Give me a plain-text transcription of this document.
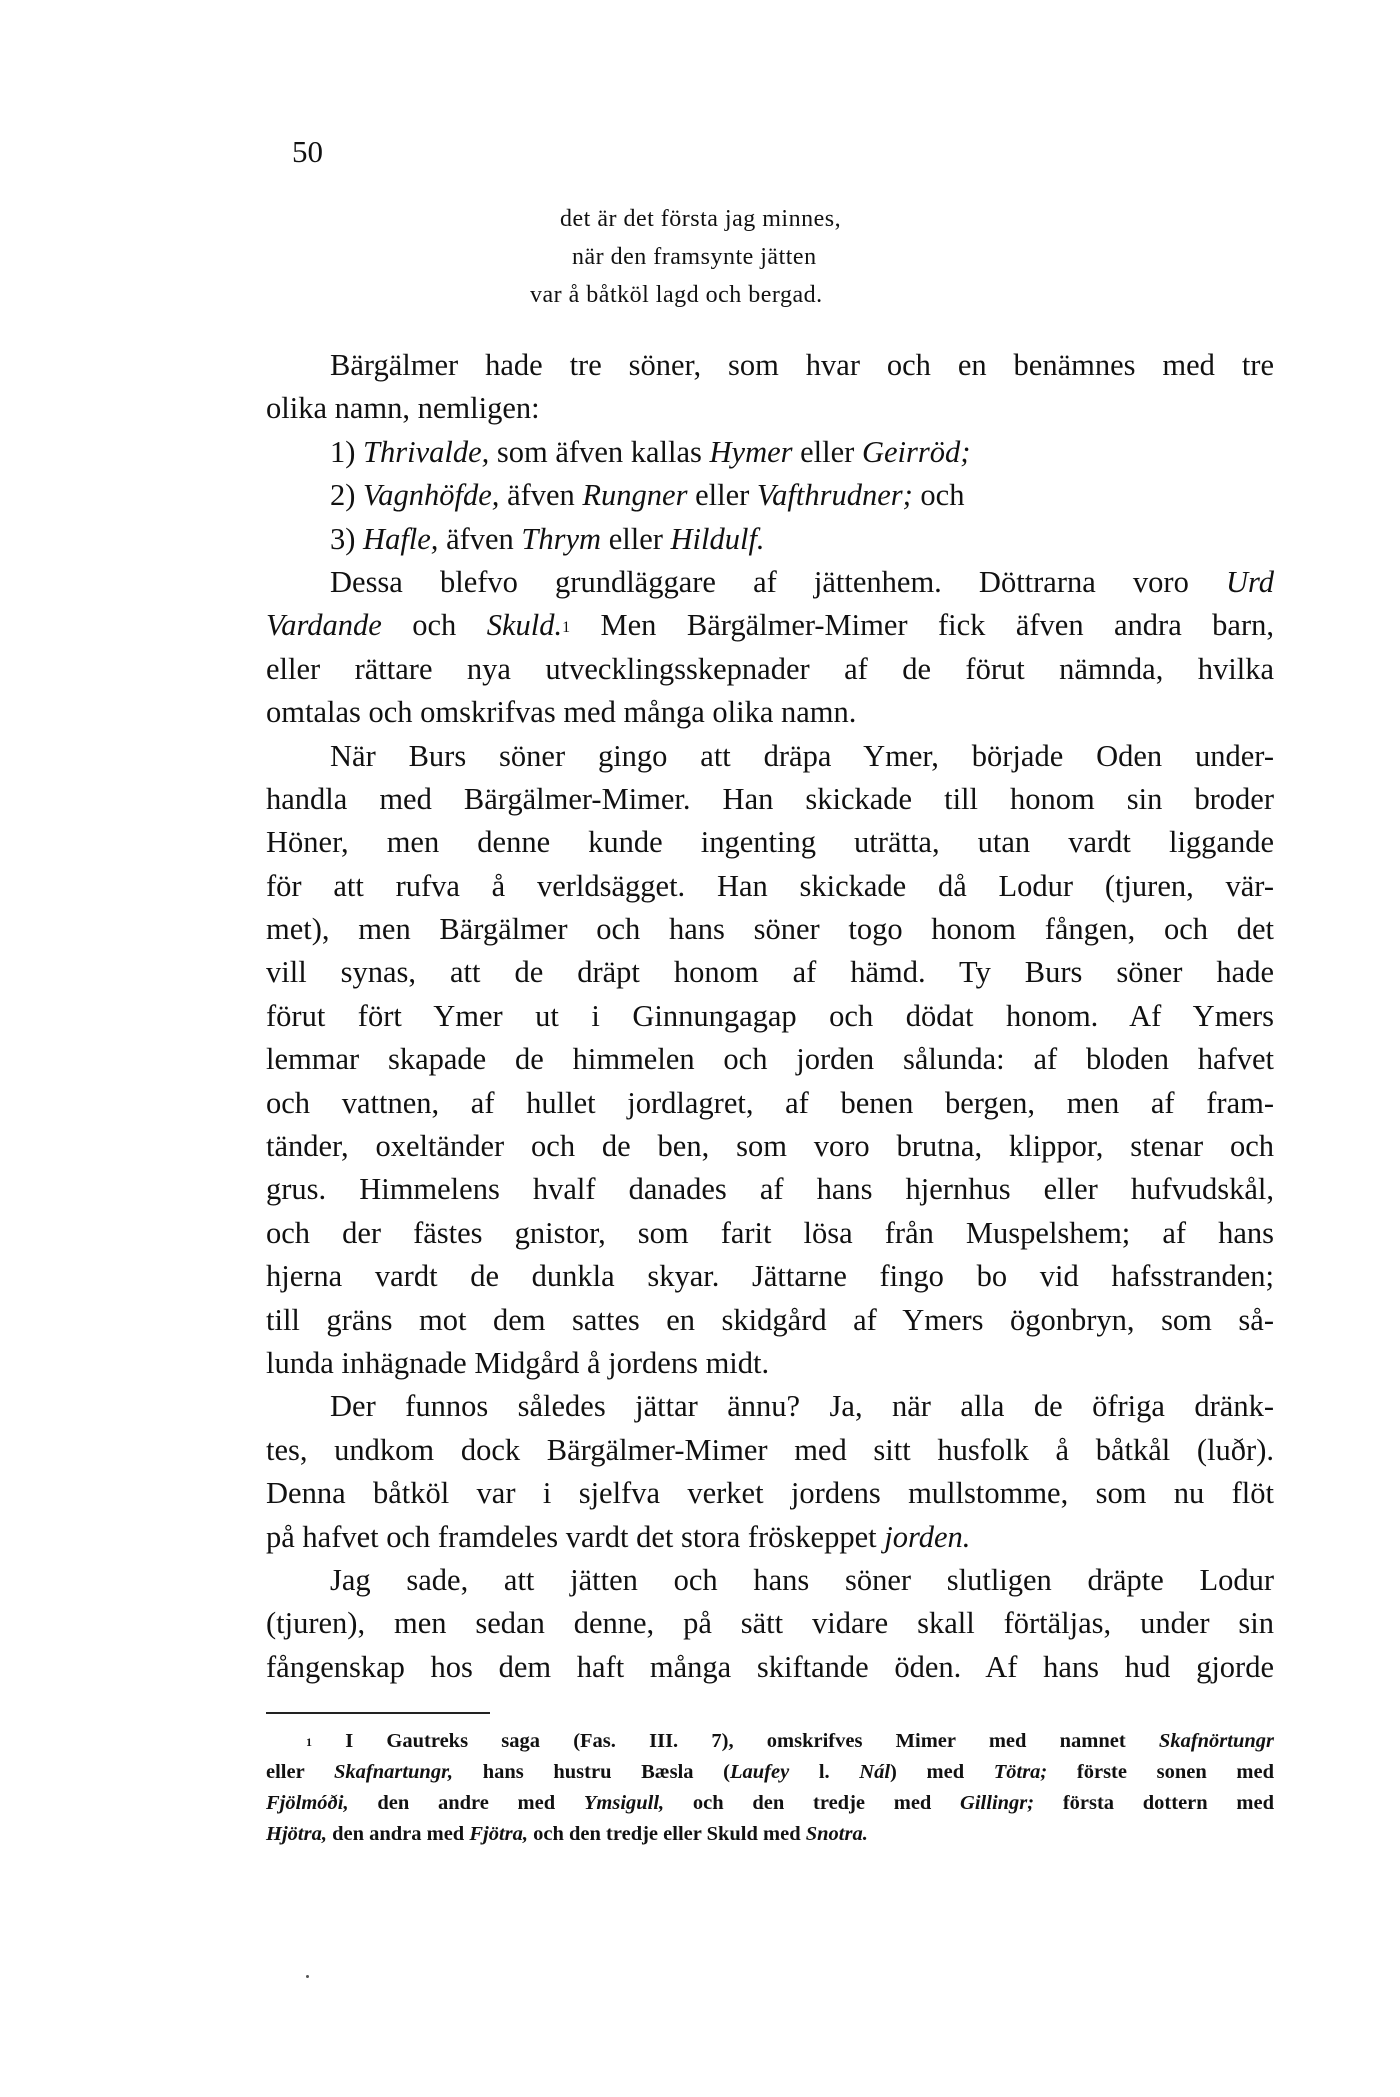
50
det är det första jag minnes,
när den framsynte jätten
var å båtköl lagd och bergad.
Bärgälmer hade tre söner, som hvar och en benämnes med tre
olika namn, nemligen:
1) Thrivalde, som äfven kallas Hymer eller Geirröd;
2) Vagnhöfde, äfven Rungner eller Vafthrudner; och
3) Hafle, äfven Thrym eller Hildulf.
Dessa blefvo grundläggare af jättenhem. Döttrarna voro Urd
Vardande och Skuld.$^1$ Men Bärgälmer-Mimer fick äfven andra barn,
eller rättare nya utvecklingsskepnader af de förut nämnda, hvilka
omtalas och omskrifvas med många olika namn.
När Burs söner gingo att dräpa Ymer, började Oden under-
handla med Bärgälmer-Mimer. Han skickade till honom sin broder
Höner, men denne kunde ingenting uträtta, utan vardt liggande
för att rufva å verldsägget. Han skickade då Lodur (tjuren, vär-
met), men Bärgälmer och hans söner togo honom fången, och det
vill synas, att de dräpt honom af hämd. Ty Burs söner hade
förut fört Ymer ut i Ginnungagap och dödat honom. Af Ymers
lemmar skapade de himmelen och jorden sålunda: af bloden hafvet
och vattnen, af hullet jordlagret, af benen bergen, men af fram-
tänder, oxeltänder och de ben, som voro brutna, klippor, stenar och
grus. Himmelens hvalf danades af hans hjernhus eller hufvudskål,
och der fästes gnistor, som farit lösa från Muspelshem; af hans
hjerna vardt de dunkla skyar. Jättarne fingo bo vid hafsstranden;
till gräns mot dem sattes en skidgård af Ymers ögonbryn, som så-
lunda inhägnade Midgård å jordens midt.
Der funnos således jättar ännu? Ja, när alla de öfriga dränk-
tes, undkom dock Bärgälmer-Mimer med sitt husfolk å båtkål (luðr).
Denna båtköl var i sjelfva verket jordens mullstomme, som nu flöt
på hafvet och framdeles vardt det stora fröskeppet jorden.
Jag sade, att jätten och hans söner slutligen dräpte Lodur
(tjuren), men sedan denne, på sätt vidare skall förtäljas, under sin
fångenskap hos dem haft många skiftande öden. Af hans hud gjorde
$^1$ I Gautreks saga (Fas. III. 7), omskrifves Mimer med namnet Skafnörtungr
eller Skafnartungr, hans hustru Bæsla (Laufey l. Nál) med Tötra; förste sonen med
Fjölmóði, den andre med Ymsigull, och den tredje med Gillingr; första dottern med
Hjötra, den andra med Fjötra, och den tredje eller Skuld med Snotra.
